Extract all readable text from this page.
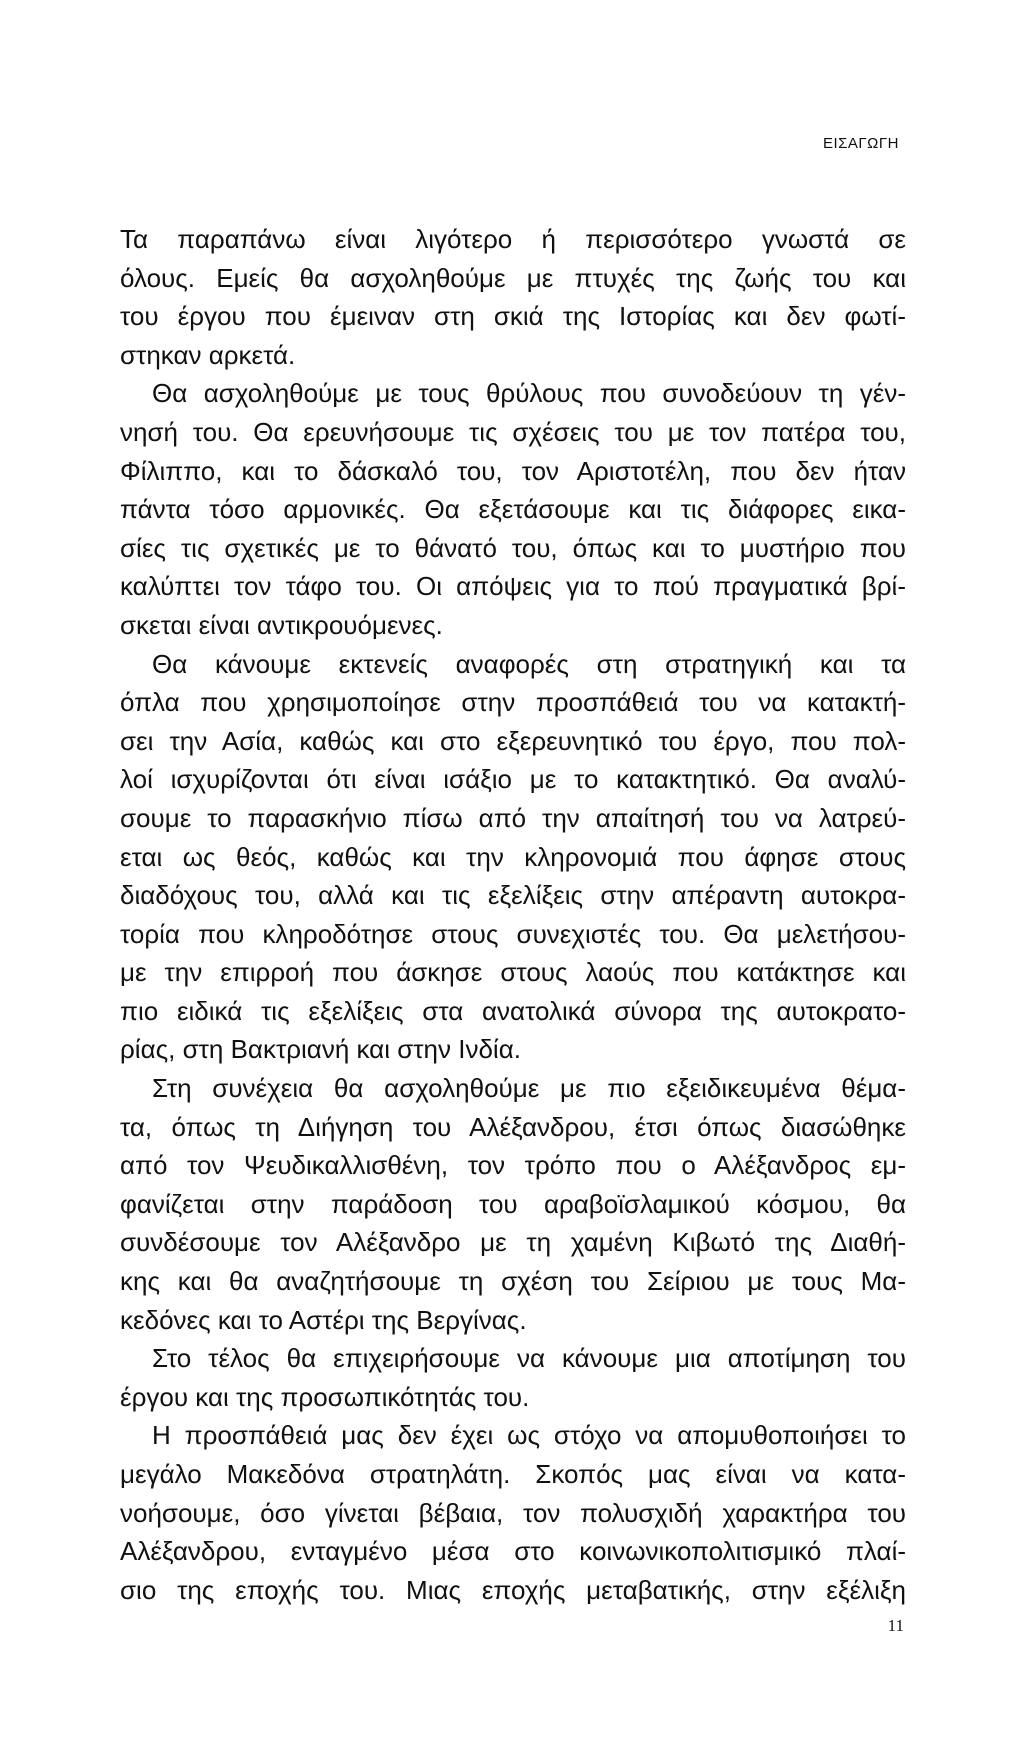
ΕΙΣΑΓΩΓΗ

Τα παραπάνω είναι λιγότερο ή περισσότερο γνωστά σε
όλους. Εμείς θα ασχοληθούμε με πτυχές της ζωής του και
του έργου που έμειναν στη σκιά της Ιστορίας και δεν φωτί-
στηκαν αρκετά.

Θα ασχοληθούμε με τους θρύλους που συνοδεύουν τη γέν-
νησή του. Θα ερευνήσουμε τις σχέσεις του με τον πατέρα του,
Φίλιππο, και το δάσκαλό του, τον Αριστοτέλη, που δεν ήταν
πάντα τόσο αρμονικές. Θα εξετάσουμε και τις διάφορες εικα-
σίες τις σχετικές με το θάνατό του, όπως και το μυστήριο που
καλύπτει τον τάφο του. Οι απόψεις για το πού πραγματικά βρί-
σκεται είναι αντικρουόμενες.

Θα κάνουμε εκτενείς αναφορές στη στρατηγική και τα
όπλα που χρησιμοποίησε στην προσπάθειά του να κατακτή-
σει την Ασία, καθώς και στο εξερευνητικό του έργο, που πολ-
λοί ισχυρίζονται ότι είναι ισάξιο με το κατακτητικό. Θα αναλύ-
σουμε το παρασκήνιο πίσω από την απαίτησή του να λατρεύ-
εται ως θεός, καθώς και την κληρονομιά που άφησε στους
διαδόχους του, αλλά και τις εξελίξεις στην απέραντη αυτοκρα-
τορία που κληροδότησε στους συνεχιστές του. Θα μελετήσου-
με την επιρροή που άσκησε στους λαούς που κατάκτησε και
πιο ειδικά τις εξελίξεις στα ανατολικά σύνορα της αυτοκρατο-
ρίας, στη Βακτριανή και στην Ινδία.

Στη συνέχεια θα ασχοληθούμε με πιο εξειδικευμένα θέμα-
τα, όπως τη Διήγηση του Αλέξανδρου, έτσι όπως διασώθηκε
από τον Ψευδικαλλισθένη, τον τρόπο που ο Αλέξανδρος εμ-
φανίζεται στην παράδοση του αραβοϊσλαμικού κόσμου, θα
συνδέσουμε τον Αλέξανδρο με τη χαμένη Κιβωτό της Διαθή-
κης και θα αναζητήσουμε τη σχέση του Σείριου με τους Μα-
κεδόνες και το Αστέρι της Βεργίνας.

Στο τέλος θα επιχειρήσουμε να κάνουμε μια αποτίμηση του
έργου και της προσωπικότητάς του.

Η προσπάθειά μας δεν έχει ως στόχο να απομυθοποιήσει το
μεγάλο Μακεδόνα στρατηλάτη. Σκοπός μας είναι να κατα-
νοήσουμε, όσο γίνεται βέβαια, τον πολυσχιδή χαρακτήρα του
Αλέξανδρου, ενταγμένο μέσα στο κοινωνικοπολιτισμικό πλαί-
σιο της εποχής του. Μιας εποχής μεταβατικής, στην εξέλιξη

11
